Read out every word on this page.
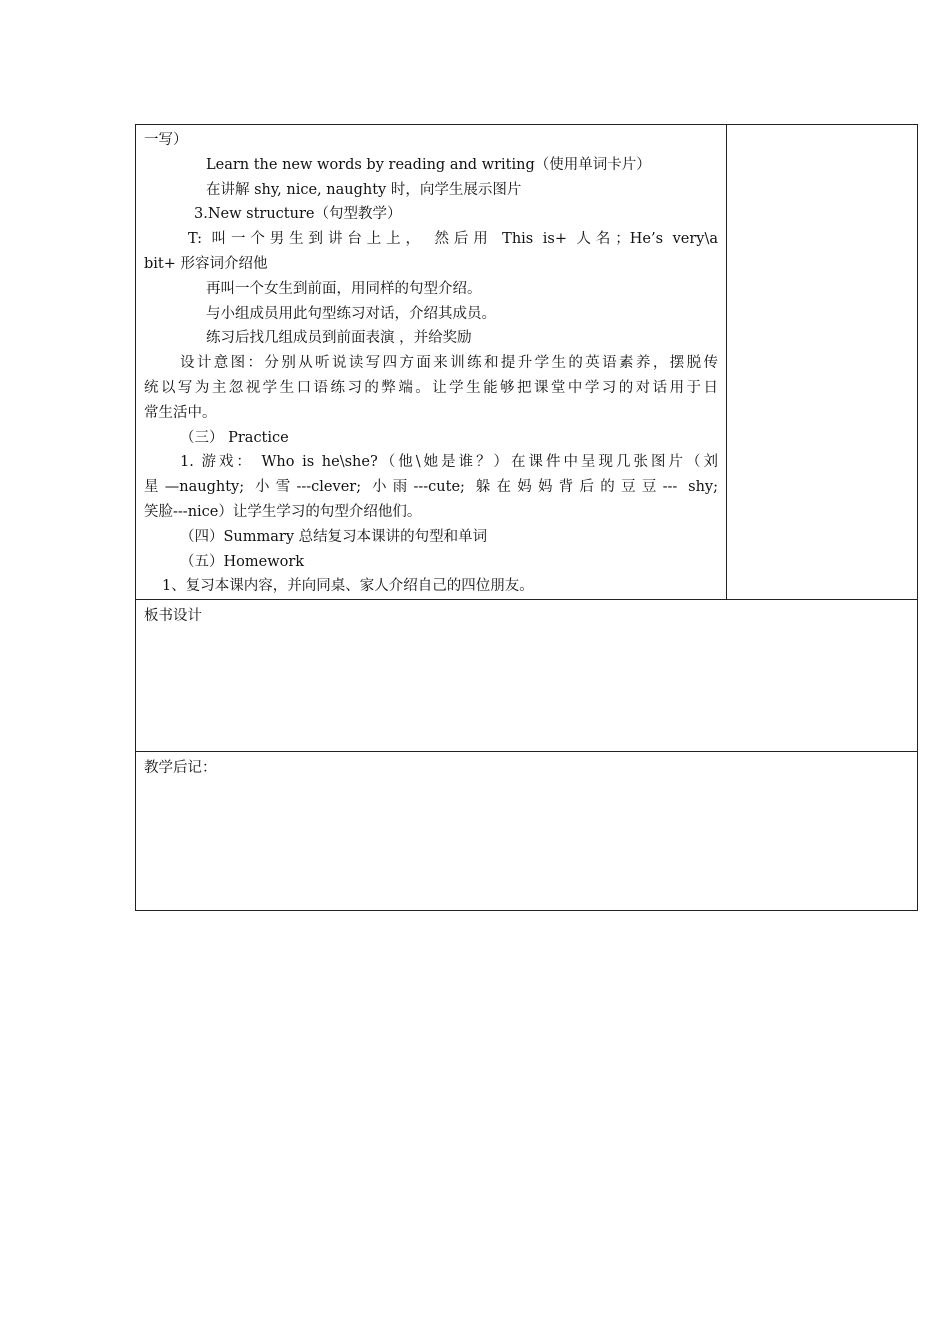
一写）
Learn the new words by reading and writing（使用单词卡片）
在讲解 shy, nice, naughty 时，向学生展示图片
3.New structure（句型教学）
T: 叫一个男生到讲台上上， 然后用 This is+ 人名；He’s very\a
bit+ 形容词介绍他
再叫一个女生到前面，用同样的句型介绍。
与小组成员用此句型练习对话，介绍其成员。
练习后找几组成员到前面表演 ，并给奖励
设计意图：分别从听说读写四方面来训练和提升学生的英语素养，摆脱传
统以写为主忽视学生口语练习的弊端。让学生能够把课堂中学习的对话用于日
常生活中。
（三） Practice
1. 游戏： Who is he\she?（他\她是谁？）在课件中呈现几张图片（刘
星—naughty; 小雪---clever; 小雨---cute; 躲在妈妈背后的豆豆--- shy;
笑脸---nice）让学生学习的句型介绍他们。
（四）Summary 总结复习本课讲的句型和单词
（五）Homework
1、复习本课内容，并向同桌、家人介绍自己的四位朋友。

板书设计

教学后记：
